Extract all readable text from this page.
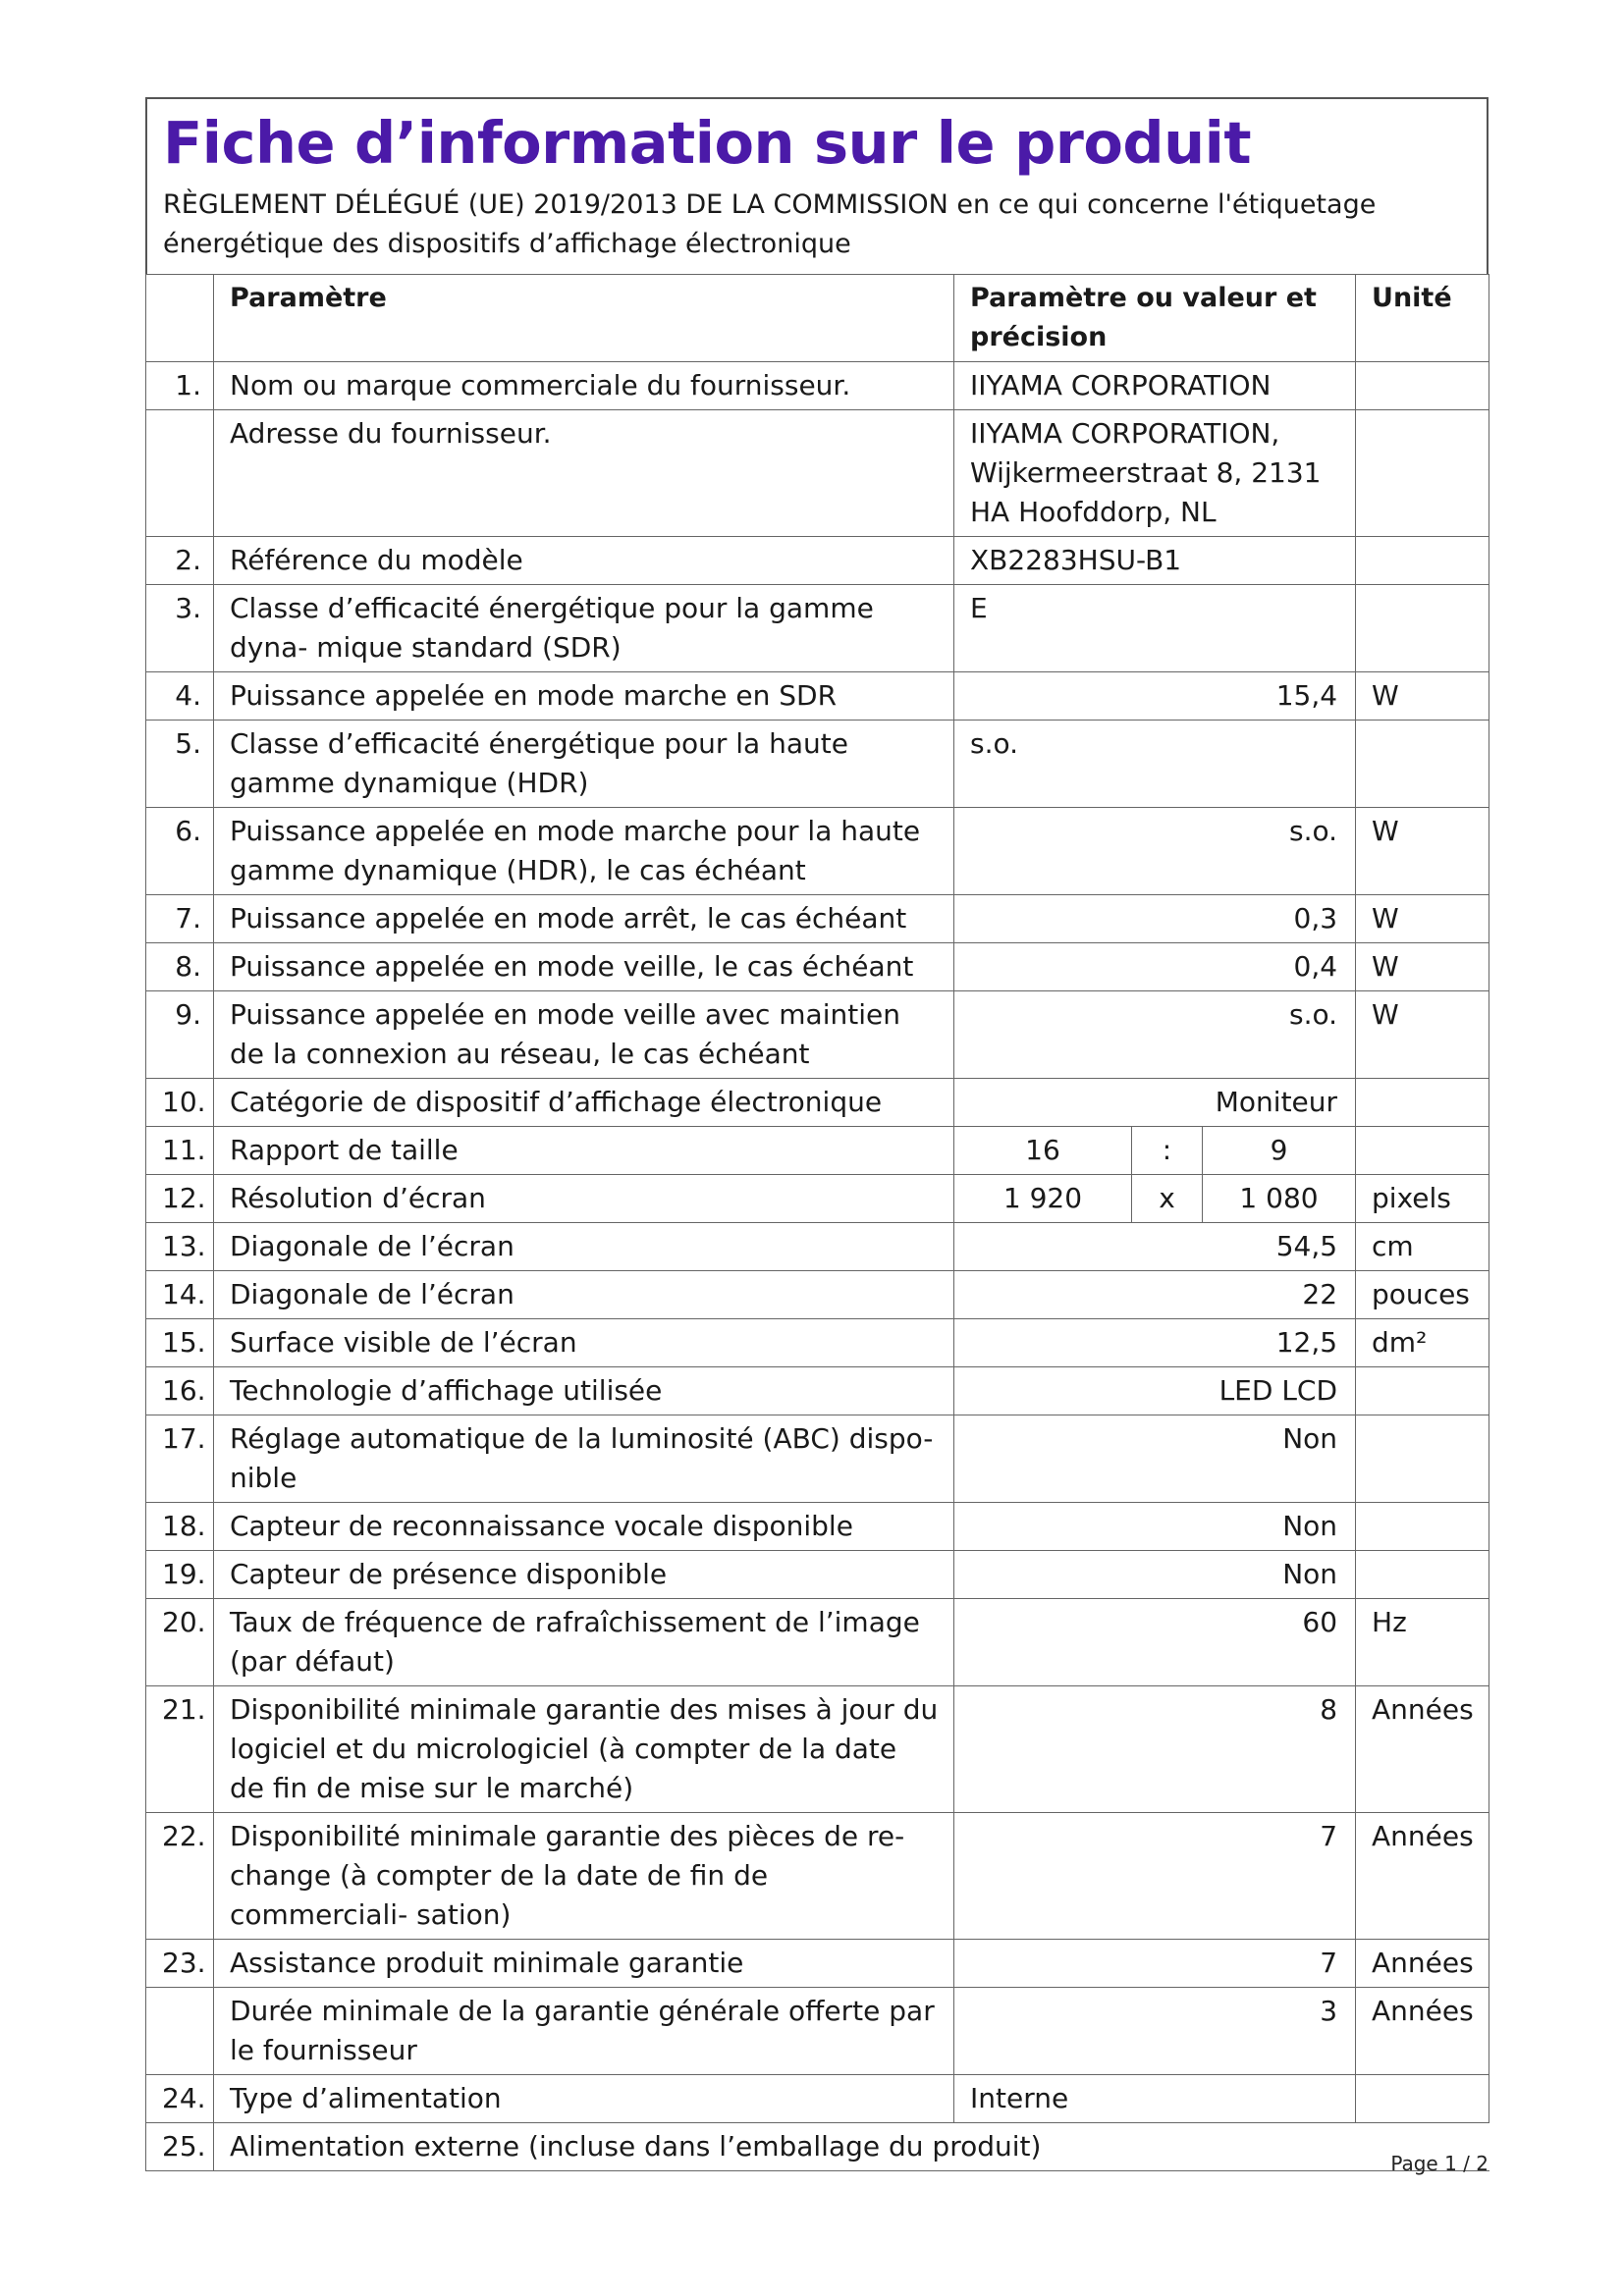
Fiche d’information sur le produit
RÈGLEMENT DÉLÉGUÉ (UE) 2019/2013 DE LA COMMISSION en ce qui concerne l'étiquetage énergétique des dispositifs d’affichage électronique
	Paramètre	Paramètre ou valeur et précision			Unité
1.	Nom ou marque commerciale du fournisseur.	IIYAMA CORPORATION			
	Adresse du fournisseur.	IIYAMA CORPORATION, Wijkermeerstraat 8, 2131 HA Hoofddorp, NL			
2.	Référence du modèle	XB2283HSU-B1			
3.	Classe d’efficacité énergétique pour la gamme dyna- mique standard (SDR)	E			
4.	Puissance appelée en mode marche en SDR	15,4			W
5.	Classe d’efficacité énergétique pour la haute gamme dynamique (HDR)	s.o.			
6.	Puissance appelée en mode marche pour la haute gamme dynamique (HDR), le cas échéant	s.o.			W
7.	Puissance appelée en mode arrêt, le cas échéant	0,3			W
8.	Puissance appelée en mode veille, le cas échéant	0,4			W
9.	Puissance appelée en mode veille avec maintien de la connexion au réseau, le cas échéant	s.o.			W
10.	Catégorie de dispositif d’affichage électronique	Moniteur			
11.	Rapport de taille	16	:	9	
12.	Résolution d’écran	1 920	x	1 080	pixels
13.	Diagonale de l’écran	54,5			cm
14.	Diagonale de l’écran	22			pouces
15.	Surface visible de l’écran	12,5			dm²
16.	Technologie d’affichage utilisée	LED LCD			
17.	Réglage automatique de la luminosité (ABC) dispo- nible	Non			
18.	Capteur de reconnaissance vocale disponible	Non			
19.	Capteur de présence disponible	Non			
20.	Taux de fréquence de rafraîchissement de l’image (par défaut)	60			Hz
21.	Disponibilité minimale garantie des mises à jour du logiciel et du micrologiciel (à compter de la date de fin de mise sur le marché)	8			Années
22.	Disponibilité minimale garantie des pièces de re- change (à compter de la date de fin de commerciali- sation)	7			Années
23.	Assistance produit minimale garantie	7			Années
	Durée minimale de la garantie générale offerte par le fournisseur	3			Années
24.	Type d’alimentation	Interne			
25.	Alimentation externe (incluse dans l’emballage du produit)				
Page 1 / 2
